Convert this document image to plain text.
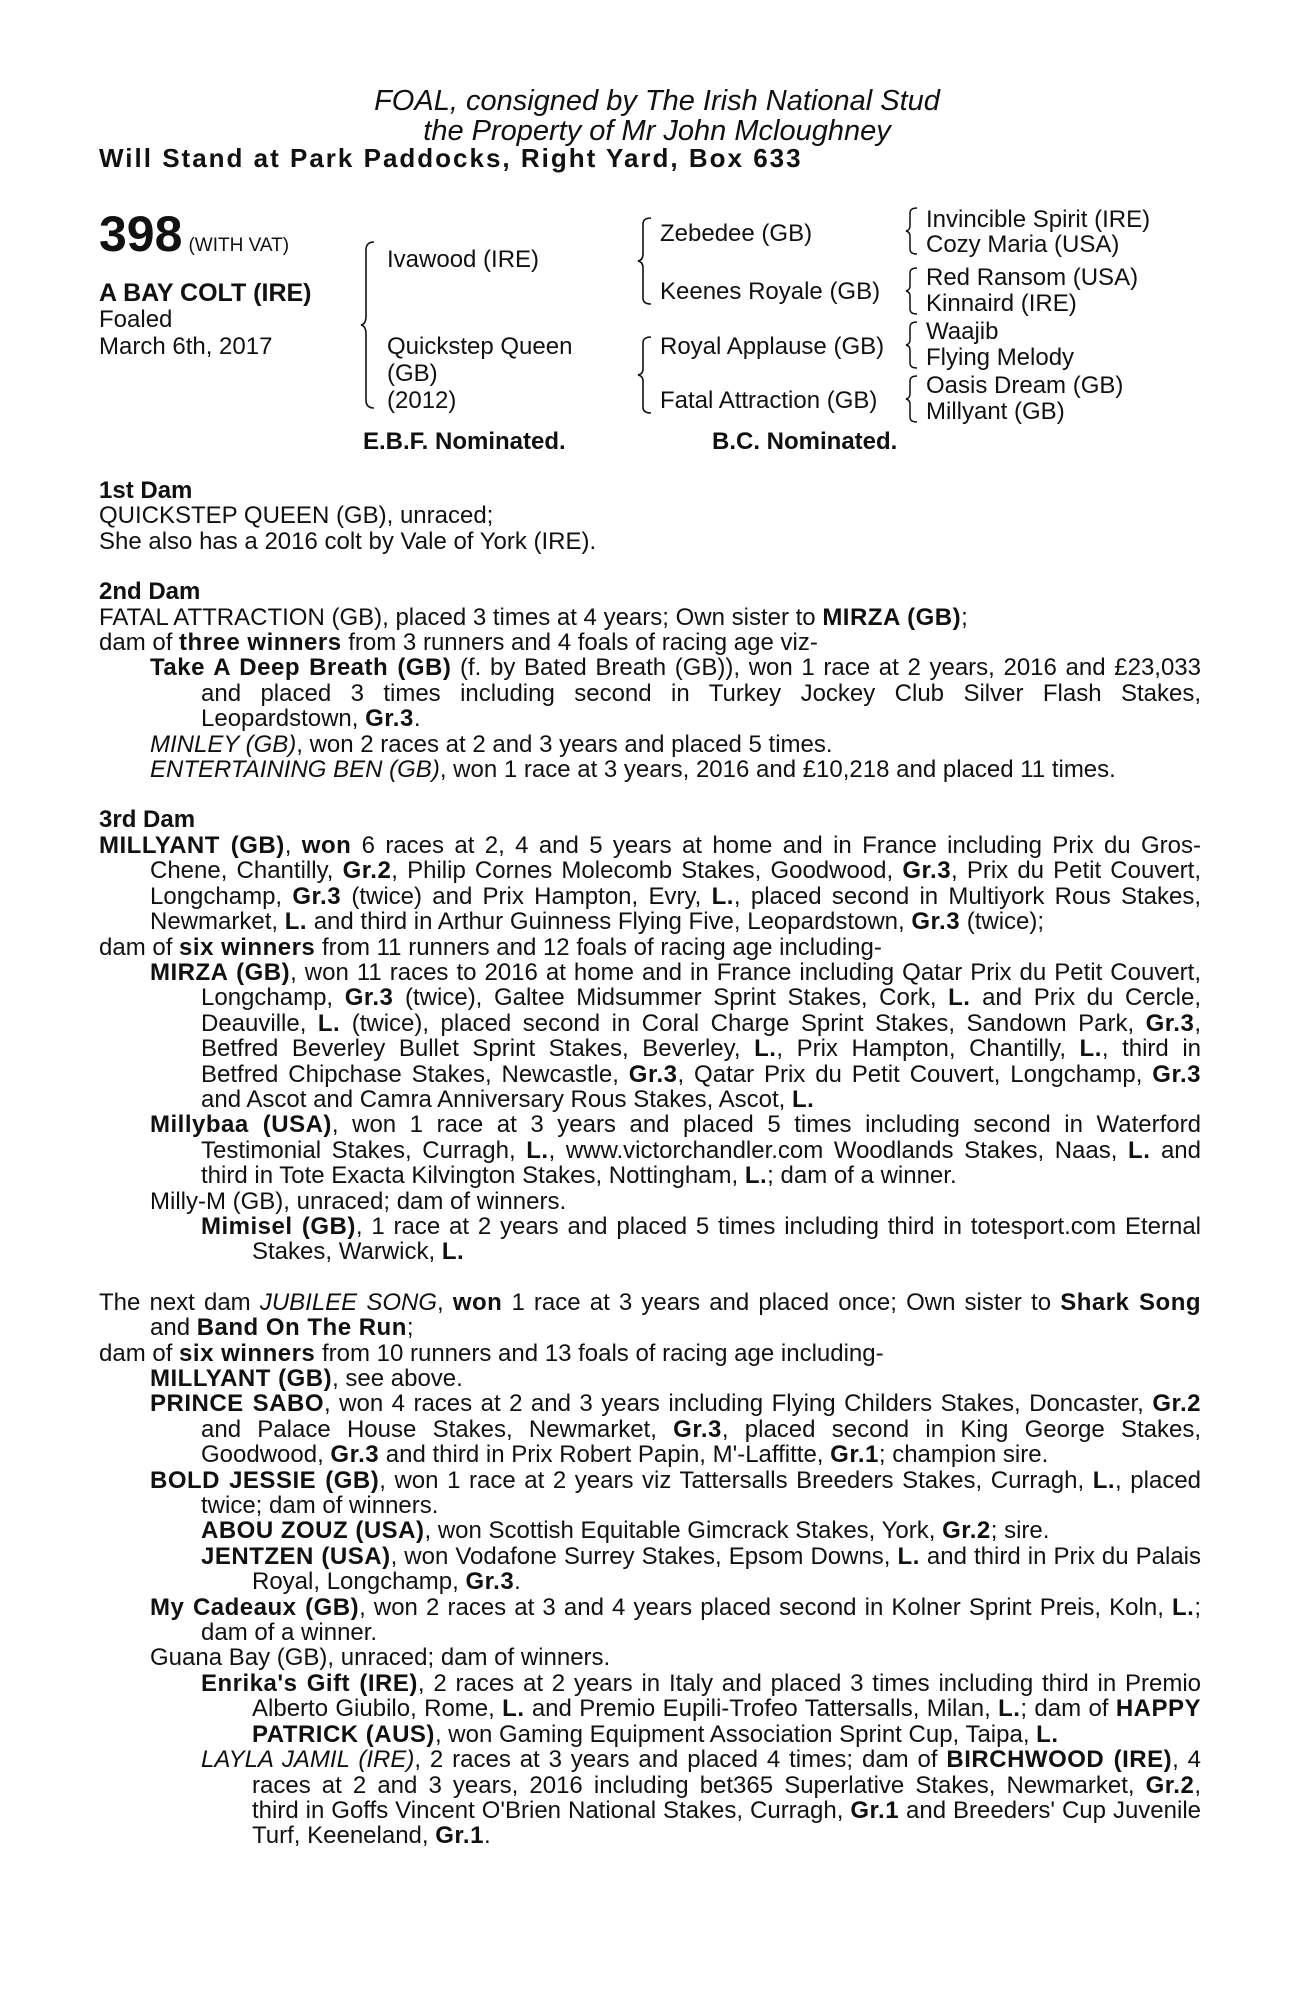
FOAL, consigned by The Irish National Stud
the Property of Mr John Mcloughney
Will Stand at Park Paddocks, Right Yard, Box 633
398 (WITH VAT)
A BAY COLT (IRE)
Foaled
March 6th, 2017
Ivawood (IRE)
Quickstep Queen
(GB)
(2012)
Zebedee (GB)
Keenes Royale (GB)
Royal Applause (GB)
Fatal Attraction (GB)
Invincible Spirit (IRE)
Cozy Maria (USA)
Red Ransom (USA)
Kinnaird (IRE)
Waajib
Flying Melody
Oasis Dream (GB)
Millyant (GB)
E.B.F. Nominated.	B.C. Nominated.
1st Dam
QUICKSTEP QUEEN (GB), unraced;
She also has a 2016 colt by Vale of York (IRE).
2nd Dam
FATAL ATTRACTION (GB), placed 3 times at 4 years; Own sister to MIRZA (GB);
dam of three winners from 3 runners and 4 foals of racing age viz-
Take A Deep Breath (GB) (f. by Bated Breath (GB)), won 1 race at 2 years, 2016 and £23,033 and placed 3 times including second in Turkey Jockey Club Silver Flash Stakes, Leopardstown, Gr.3.
MINLEY (GB), won 2 races at 2 and 3 years and placed 5 times.
ENTERTAINING BEN (GB), won 1 race at 3 years, 2016 and £10,218 and placed 11 times.
3rd Dam
MILLYANT (GB), won 6 races at 2, 4 and 5 years at home and in France including Prix du Gros-Chene, Chantilly, Gr.2, Philip Cornes Molecomb Stakes, Goodwood, Gr.3, Prix du Petit Couvert, Longchamp, Gr.3 (twice) and Prix Hampton, Evry, L., placed second in Multiyork Rous Stakes, Newmarket, L. and third in Arthur Guinness Flying Five, Leopardstown, Gr.3 (twice);
dam of six winners from 11 runners and 12 foals of racing age including-
MIRZA (GB), won 11 races to 2016 at home and in France including Qatar Prix du Petit Couvert, Longchamp, Gr.3 (twice), Galtee Midsummer Sprint Stakes, Cork, L. and Prix du Cercle, Deauville, L. (twice), placed second in Coral Charge Sprint Stakes, Sandown Park, Gr.3, Betfred Beverley Bullet Sprint Stakes, Beverley, L., Prix Hampton, Chantilly, L., third in Betfred Chipchase Stakes, Newcastle, Gr.3, Qatar Prix du Petit Couvert, Longchamp, Gr.3 and Ascot and Camra Anniversary Rous Stakes, Ascot, L.
Millybaa (USA), won 1 race at 3 years and placed 5 times including second in Waterford Testimonial Stakes, Curragh, L., www.victorchandler.com Woodlands Stakes, Naas, L. and third in Tote Exacta Kilvington Stakes, Nottingham, L.; dam of a winner.
Milly-M (GB), unraced; dam of winners.
Mimisel (GB), 1 race at 2 years and placed 5 times including third in totesport.com Eternal Stakes, Warwick, L.
The next dam JUBILEE SONG, won 1 race at 3 years and placed once; Own sister to Shark Song and Band On The Run;
dam of six winners from 10 runners and 13 foals of racing age including-
MILLYANT (GB), see above.
PRINCE SABO, won 4 races at 2 and 3 years including Flying Childers Stakes, Doncaster, Gr.2 and Palace House Stakes, Newmarket, Gr.3, placed second in King George Stakes, Goodwood, Gr.3 and third in Prix Robert Papin, M'-Laffitte, Gr.1; champion sire.
BOLD JESSIE (GB), won 1 race at 2 years viz Tattersalls Breeders Stakes, Curragh, L., placed twice; dam of winners.
ABOU ZOUZ (USA), won Scottish Equitable Gimcrack Stakes, York, Gr.2; sire.
JENTZEN (USA), won Vodafone Surrey Stakes, Epsom Downs, L. and third in Prix du Palais Royal, Longchamp, Gr.3.
My Cadeaux (GB), won 2 races at 3 and 4 years placed second in Kolner Sprint Preis, Koln, L.; dam of a winner.
Guana Bay (GB), unraced; dam of winners.
Enrika's Gift (IRE), 2 races at 2 years in Italy and placed 3 times including third in Premio Alberto Giubilo, Rome, L. and Premio Eupili-Trofeo Tattersalls, Milan, L.; dam of HAPPY PATRICK (AUS), won Gaming Equipment Association Sprint Cup, Taipa, L.
LAYLA JAMIL (IRE), 2 races at 3 years and placed 4 times; dam of BIRCHWOOD (IRE), 4 races at 2 and 3 years, 2016 including bet365 Superlative Stakes, Newmarket, Gr.2, third in Goffs Vincent O'Brien National Stakes, Curragh, Gr.1 and Breeders' Cup Juvenile Turf, Keeneland, Gr.1.
